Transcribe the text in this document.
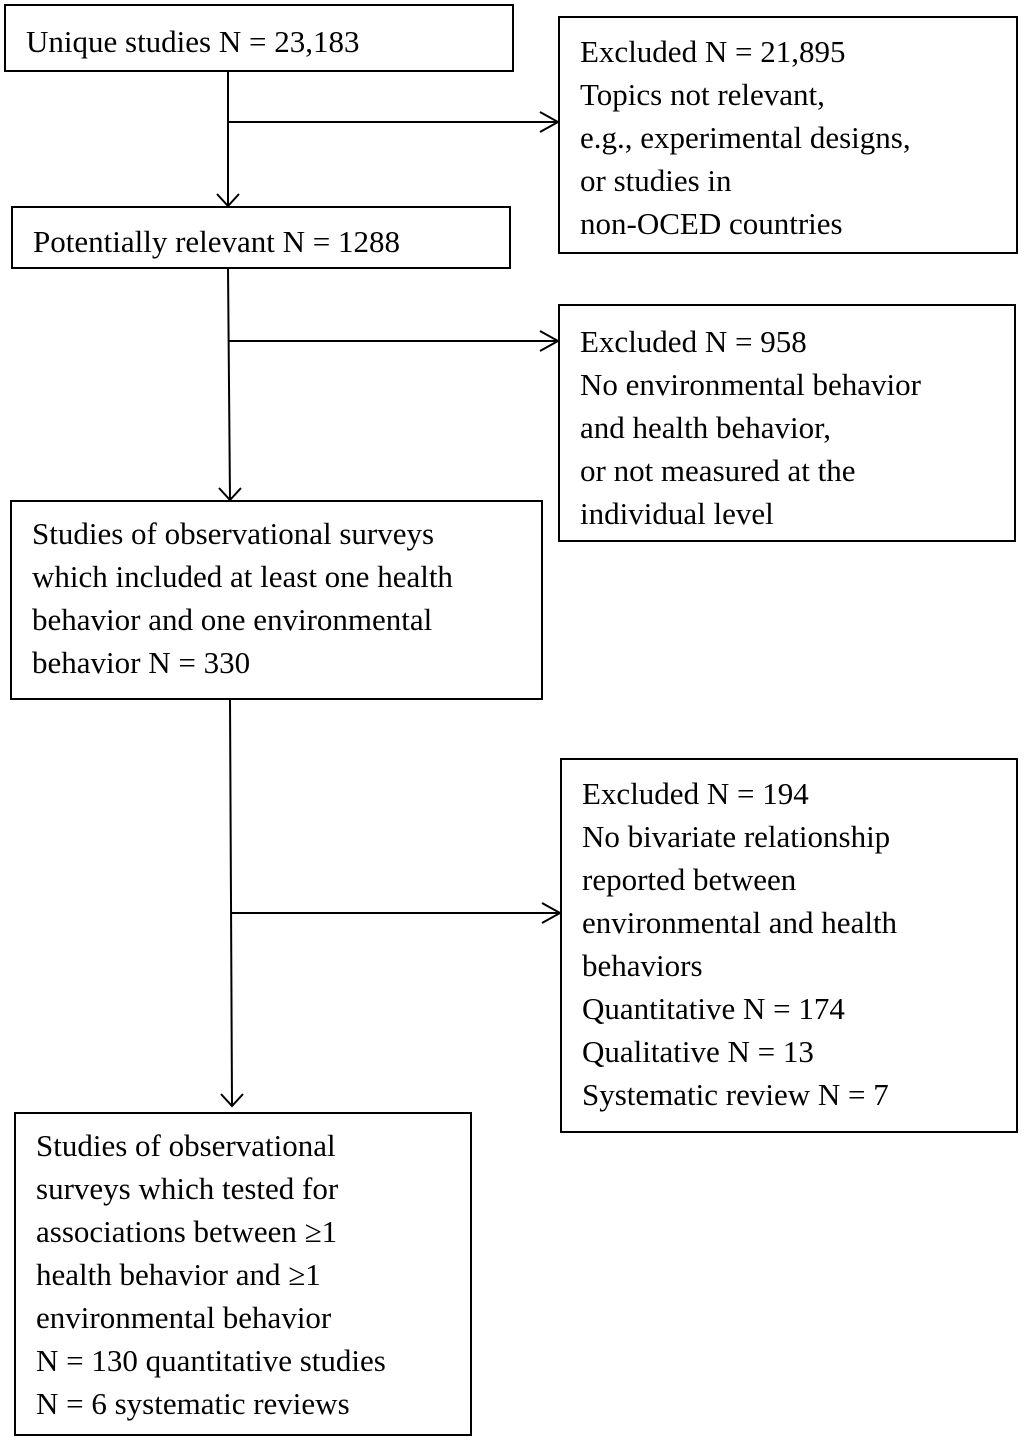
Unique studies N = 23,183
Potentially relevant N = 1288
Studies of observational surveys
which included at least one health
behavior and one environmental
behavior N = 330
Studies of observational
surveys which tested for
associations between ≥1
health behavior and ≥1
environmental behavior
N = 130 quantitative studies
N = 6 systematic reviews
Excluded N = 21,895
Topics not relevant,
e.g., experimental designs,
or studies in
non-OCED countries
Excluded N = 958
No environmental behavior
and health behavior,
or not measured at the
individual level
Excluded N = 194
No bivariate relationship
reported between
environmental and health
behaviors
Quantitative N = 174
Qualitative N = 13
Systematic review N = 7
